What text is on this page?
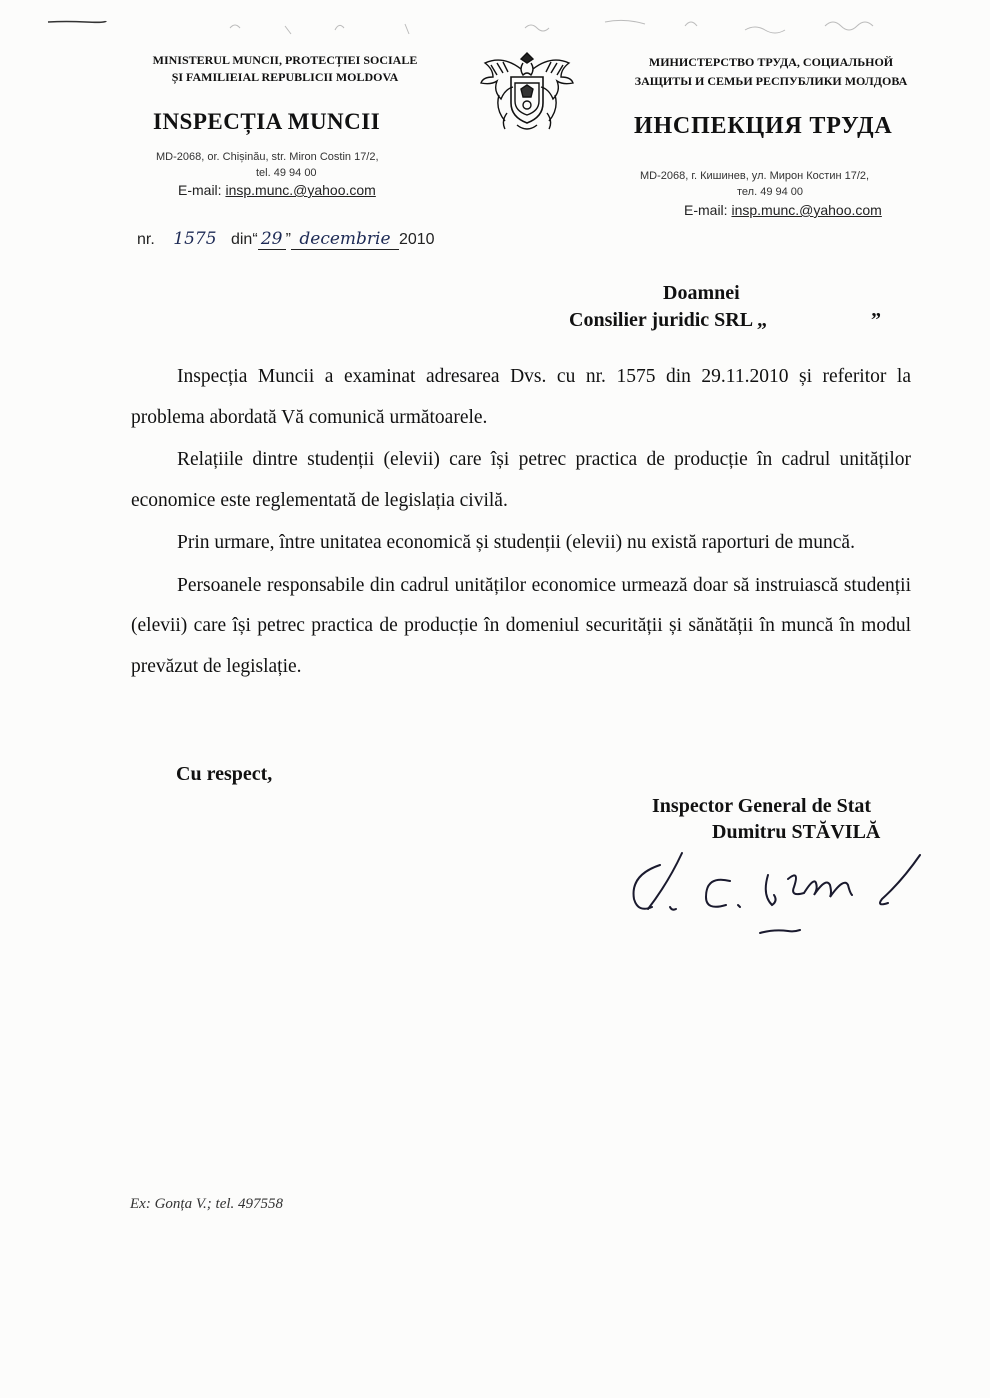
MINISTERUL MUNCII, PROTECȚIEI SOCIALE
ȘI FAMILIEIAL REPUBLICII MOLDOVA
INSPECȚIA MUNCII
MD-2068, or. Chișinău, str. Miron Costin 17/2,
tel. 49 94 00
E-mail: insp.munc.@yahoo.com
МИНИСТЕРСТВО ТРУДА, СОЦИАЛЬНОЙ
ЗАЩИТЫ И СЕМЬИ РЕСПУБЛИКИ МОЛДОВА
ИНСПЕКЦИЯ ТРУДА
MD-2068, г. Кишинев, ул. Мирон Костин 17/2,
тел. 49 94 00
E-mail: insp.munc.@yahoo.com
nr. 1575 din“ 29 ” decembrie 2010
Doamnei
Consilier juridic SRL „	”

Inspecția Muncii a examinat adresarea Dvs. cu nr. 1575 din 29.11.2010 și referitor la problema abordată Vă comunică următoarele.

Relațiile dintre studenții (elevii) care își petrec practica de producție în cadrul unităților economice este reglementată de legislația civilă.

Prin urmare, între unitatea economică și studenții (elevii) nu există raporturi de muncă.

Persoanele responsabile din cadrul unităților economice urmează doar să instruiască studenții (elevii) care își petrec practica de producție în domeniul securității și sănătății în muncă în modul prevăzut de legislație.

Cu respect,
Inspector General de Stat
Dumitru STĂVILĂ
Ex: Gonța V.; tel. 497558
